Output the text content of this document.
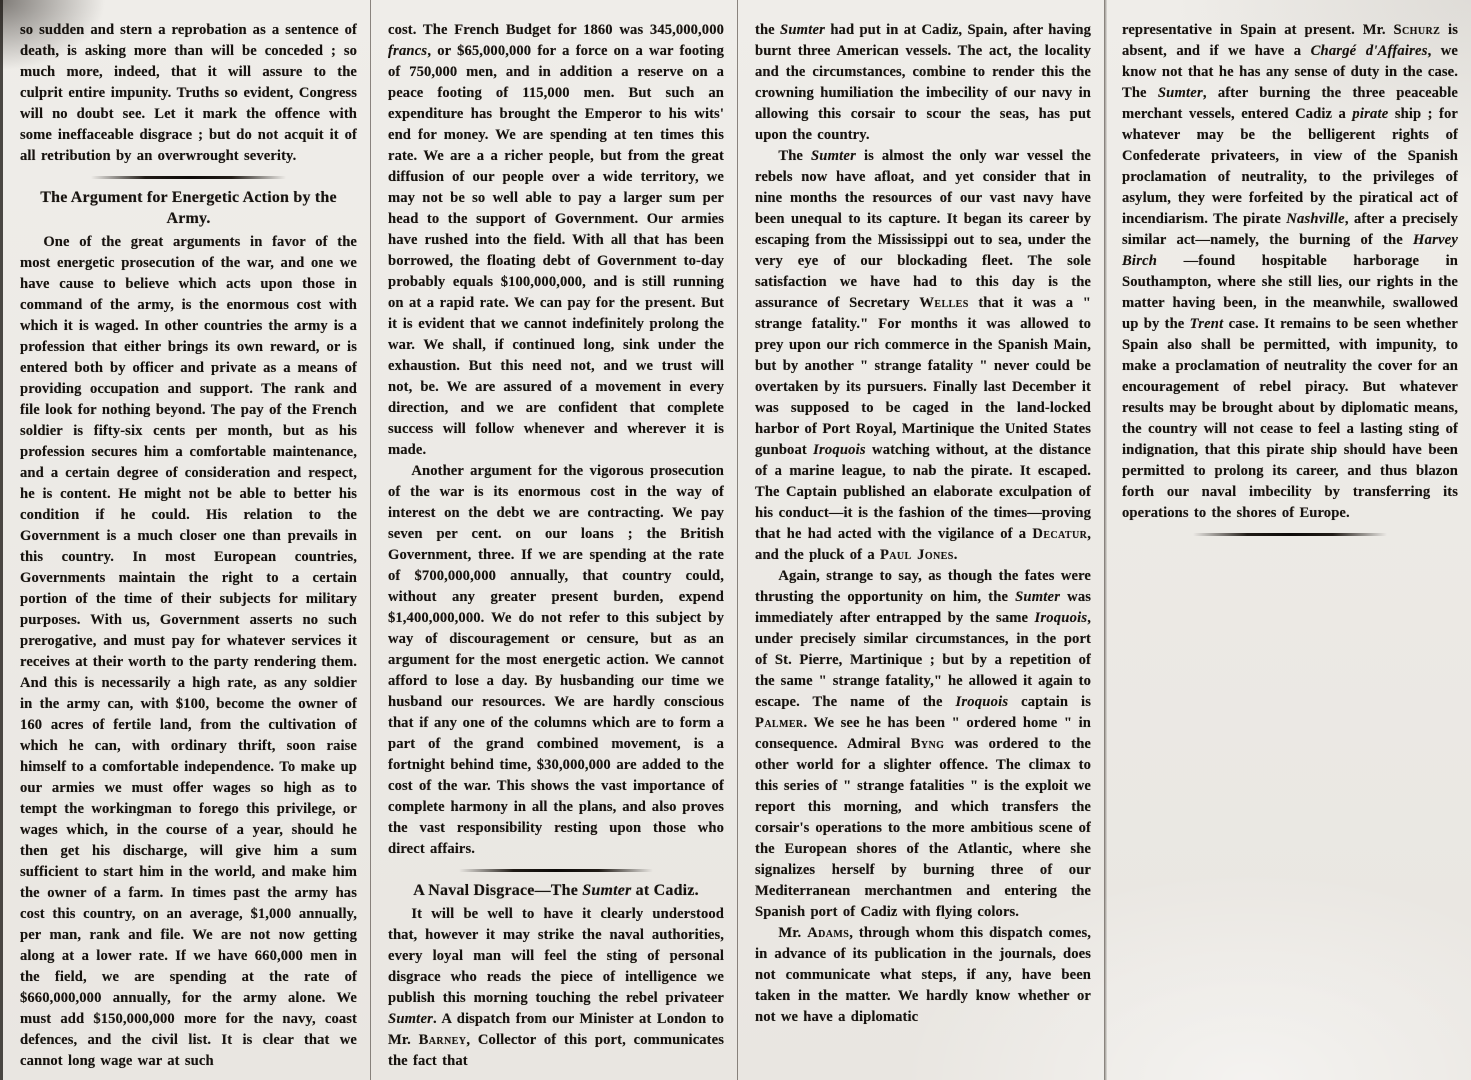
so sudden and stern a reprobation as a sentence of death, is asking more than will be conceded ; so much more, indeed, that it will assure to the culprit entire impunity. Truths so evident, Congress will no doubt see. Let it mark the offence with some ineffaceable disgrace ; but do not acquit it of all retribution by an overwrought severity.

The Argument for Energetic Action by the Army.

One of the great arguments in favor of the most energetic prosecution of the war, and one we have cause to believe which acts upon those in command of the army, is the enormous cost with which it is waged. In other countries the army is a profession that either brings its own reward, or is entered both by officer and private as a means of providing occupation and support. The rank and file look for nothing beyond. The pay of the French soldier is fifty-six cents per month, but as his profession secures him a comfortable maintenance, and a certain degree of consideration and respect, he is content. He might not be able to better his condition if he could. His relation to the Government is a much closer one than prevails in this country. In most European countries, Governments maintain the right to a certain portion of the time of their subjects for military purposes. With us, Government asserts no such prerogative, and must pay for whatever services it receives at their worth to the party rendering them. And this is necessarily a high rate, as any soldier in the army can, with $100, become the owner of 160 acres of fertile land, from the cultivation of which he can, with ordinary thrift, soon raise himself to a comfortable independence. To make up our armies we must offer wages so high as to tempt the workingman to forego this privilege, or wages which, in the course of a year, should he then get his discharge, will give him a sum sufficient to start him in the world, and make him the owner of a farm. In times past the army has cost this country, on an average, $1,000 annually, per man, rank and file. We are not now getting along at a lower rate. If we have 660,000 men in the field, we are spending at the rate of $660,000,000 annually, for the army alone. We must add $150,000,000 more for the navy, coast defences, and the civil list. It is clear that we cannot long wage war at such

cost. The French Budget for 1860 was 345,000,000 francs, or $65,000,000 for a force on a war footing of 750,000 men, and in addition a reserve on a peace footing of 115,000 men. But such an expenditure has brought the Emperor to his wits' end for money. We are spending at ten times this rate. We are a a richer people, but from the great diffusion of our people over a wide territory, we may not be so well able to pay a larger sum per head to the support of Government. Our armies have rushed into the field. With all that has been borrowed, the floating debt of Government to-day probably equals $100,000,000, and is still running on at a rapid rate. We can pay for the present. But it is evident that we cannot indefinitely prolong the war. We shall, if continued long, sink under the exhaustion. But this need not, and we trust will not, be. We are assured of a movement in every direction, and we are confident that complete success will follow whenever and wherever it is made.

Another argument for the vigorous prosecution of the war is its enormous cost in the way of interest on the debt we are contracting. We pay seven per cent. on our loans ; the British Government, three. If we are spending at the rate of $700,000,000 annually, that country could, without any greater present burden, expend $1,400,000,000. We do not refer to this subject by way of discouragement or censure, but as an argument for the most energetic action. We cannot afford to lose a day. By husbanding our time we husband our resources. We are hardly conscious that if any one of the columns which are to form a part of the grand combined movement, is a fortnight behind time, $30,000,000 are added to the cost of the war. This shows the vast importance of complete harmony in all the plans, and also proves the vast responsibility resting upon those who direct affairs.

A Naval Disgrace—The Sumter at Cadiz.

It will be well to have it clearly understood that, however it may strike the naval authorities, every loyal man will feel the sting of personal disgrace who reads the piece of intelligence we publish this morning touching the rebel privateer Sumter. A dispatch from our Minister at London to Mr. Barney, Collector of this port, communicates the fact that

the Sumter had put in at Cadiz, Spain, after having burnt three American vessels. The act, the locality and the circumstances, combine to render this the crowning humiliation the imbecility of our navy in allowing this corsair to scour the seas, has put upon the country.

The Sumter is almost the only war vessel the rebels now have afloat, and yet consider that in nine months the resources of our vast navy have been unequal to its capture. It began its career by escaping from the Mississippi out to sea, under the very eye of our blockading fleet. The sole satisfaction we have had to this day is the assurance of Secretary Welles that it was a " strange fatality." For months it was allowed to prey upon our rich commerce in the Spanish Main, but by another " strange fatality " never could be overtaken by its pursuers. Finally last December it was supposed to be caged in the land-locked harbor of Port Royal, Martinique the United States gunboat Iroquois watching without, at the distance of a marine league, to nab the pirate. It escaped. The Captain published an elaborate exculpation of his conduct—it is the fashion of the times—proving that he had acted with the vigilance of a Decatur, and the pluck of a Paul Jones.

Again, strange to say, as though the fates were thrusting the opportunity on him, the Sumter was immediately after entrapped by the same Iroquois, under precisely similar circumstances, in the port of St. Pierre, Martinique ; but by a repetition of the same " strange fatality," he allowed it again to escape. The name of the Iroquois captain is Palmer. We see he has been " ordered home " in consequence. Admiral Byng was ordered to the other world for a slighter offence. The climax to this series of " strange fatalities " is the exploit we report this morning, and which transfers the corsair's operations to the more ambitious scene of the European shores of the Atlantic, where she signalizes herself by burning three of our Mediterranean merchantmen and entering the Spanish port of Cadiz with flying colors.

Mr. Adams, through whom this dispatch comes, in advance of its publication in the journals, does not communicate what steps, if any, have been taken in the matter. We hardly know whether or not we have a diplomatic

representative in Spain at present. Mr. Schurz is absent, and if we have a Chargé d'Affaires, we know not that he has any sense of duty in the case. The Sumter, after burning the three peaceable merchant vessels, entered Cadiz a pirate ship ; for whatever may be the belligerent rights of Confederate privateers, in view of the Spanish proclamation of neutrality, to the privileges of asylum, they were forfeited by the piratical act of incendiarism. The pirate Nashville, after a precisely similar act—namely, the burning of the Harvey Birch —found hospitable harborage in Southampton, where she still lies, our rights in the matter having been, in the meanwhile, swallowed up by the Trent case. It remains to be seen whether Spain also shall be permitted, with impunity, to make a proclamation of neutrality the cover for an encouragement of rebel piracy. But whatever results may be brought about by diplomatic means, the country will not cease to feel a lasting sting of indignation, that this pirate ship should have been permitted to prolong its career, and thus blazon forth our naval imbecility by transferring its operations to the shores of Europe.
